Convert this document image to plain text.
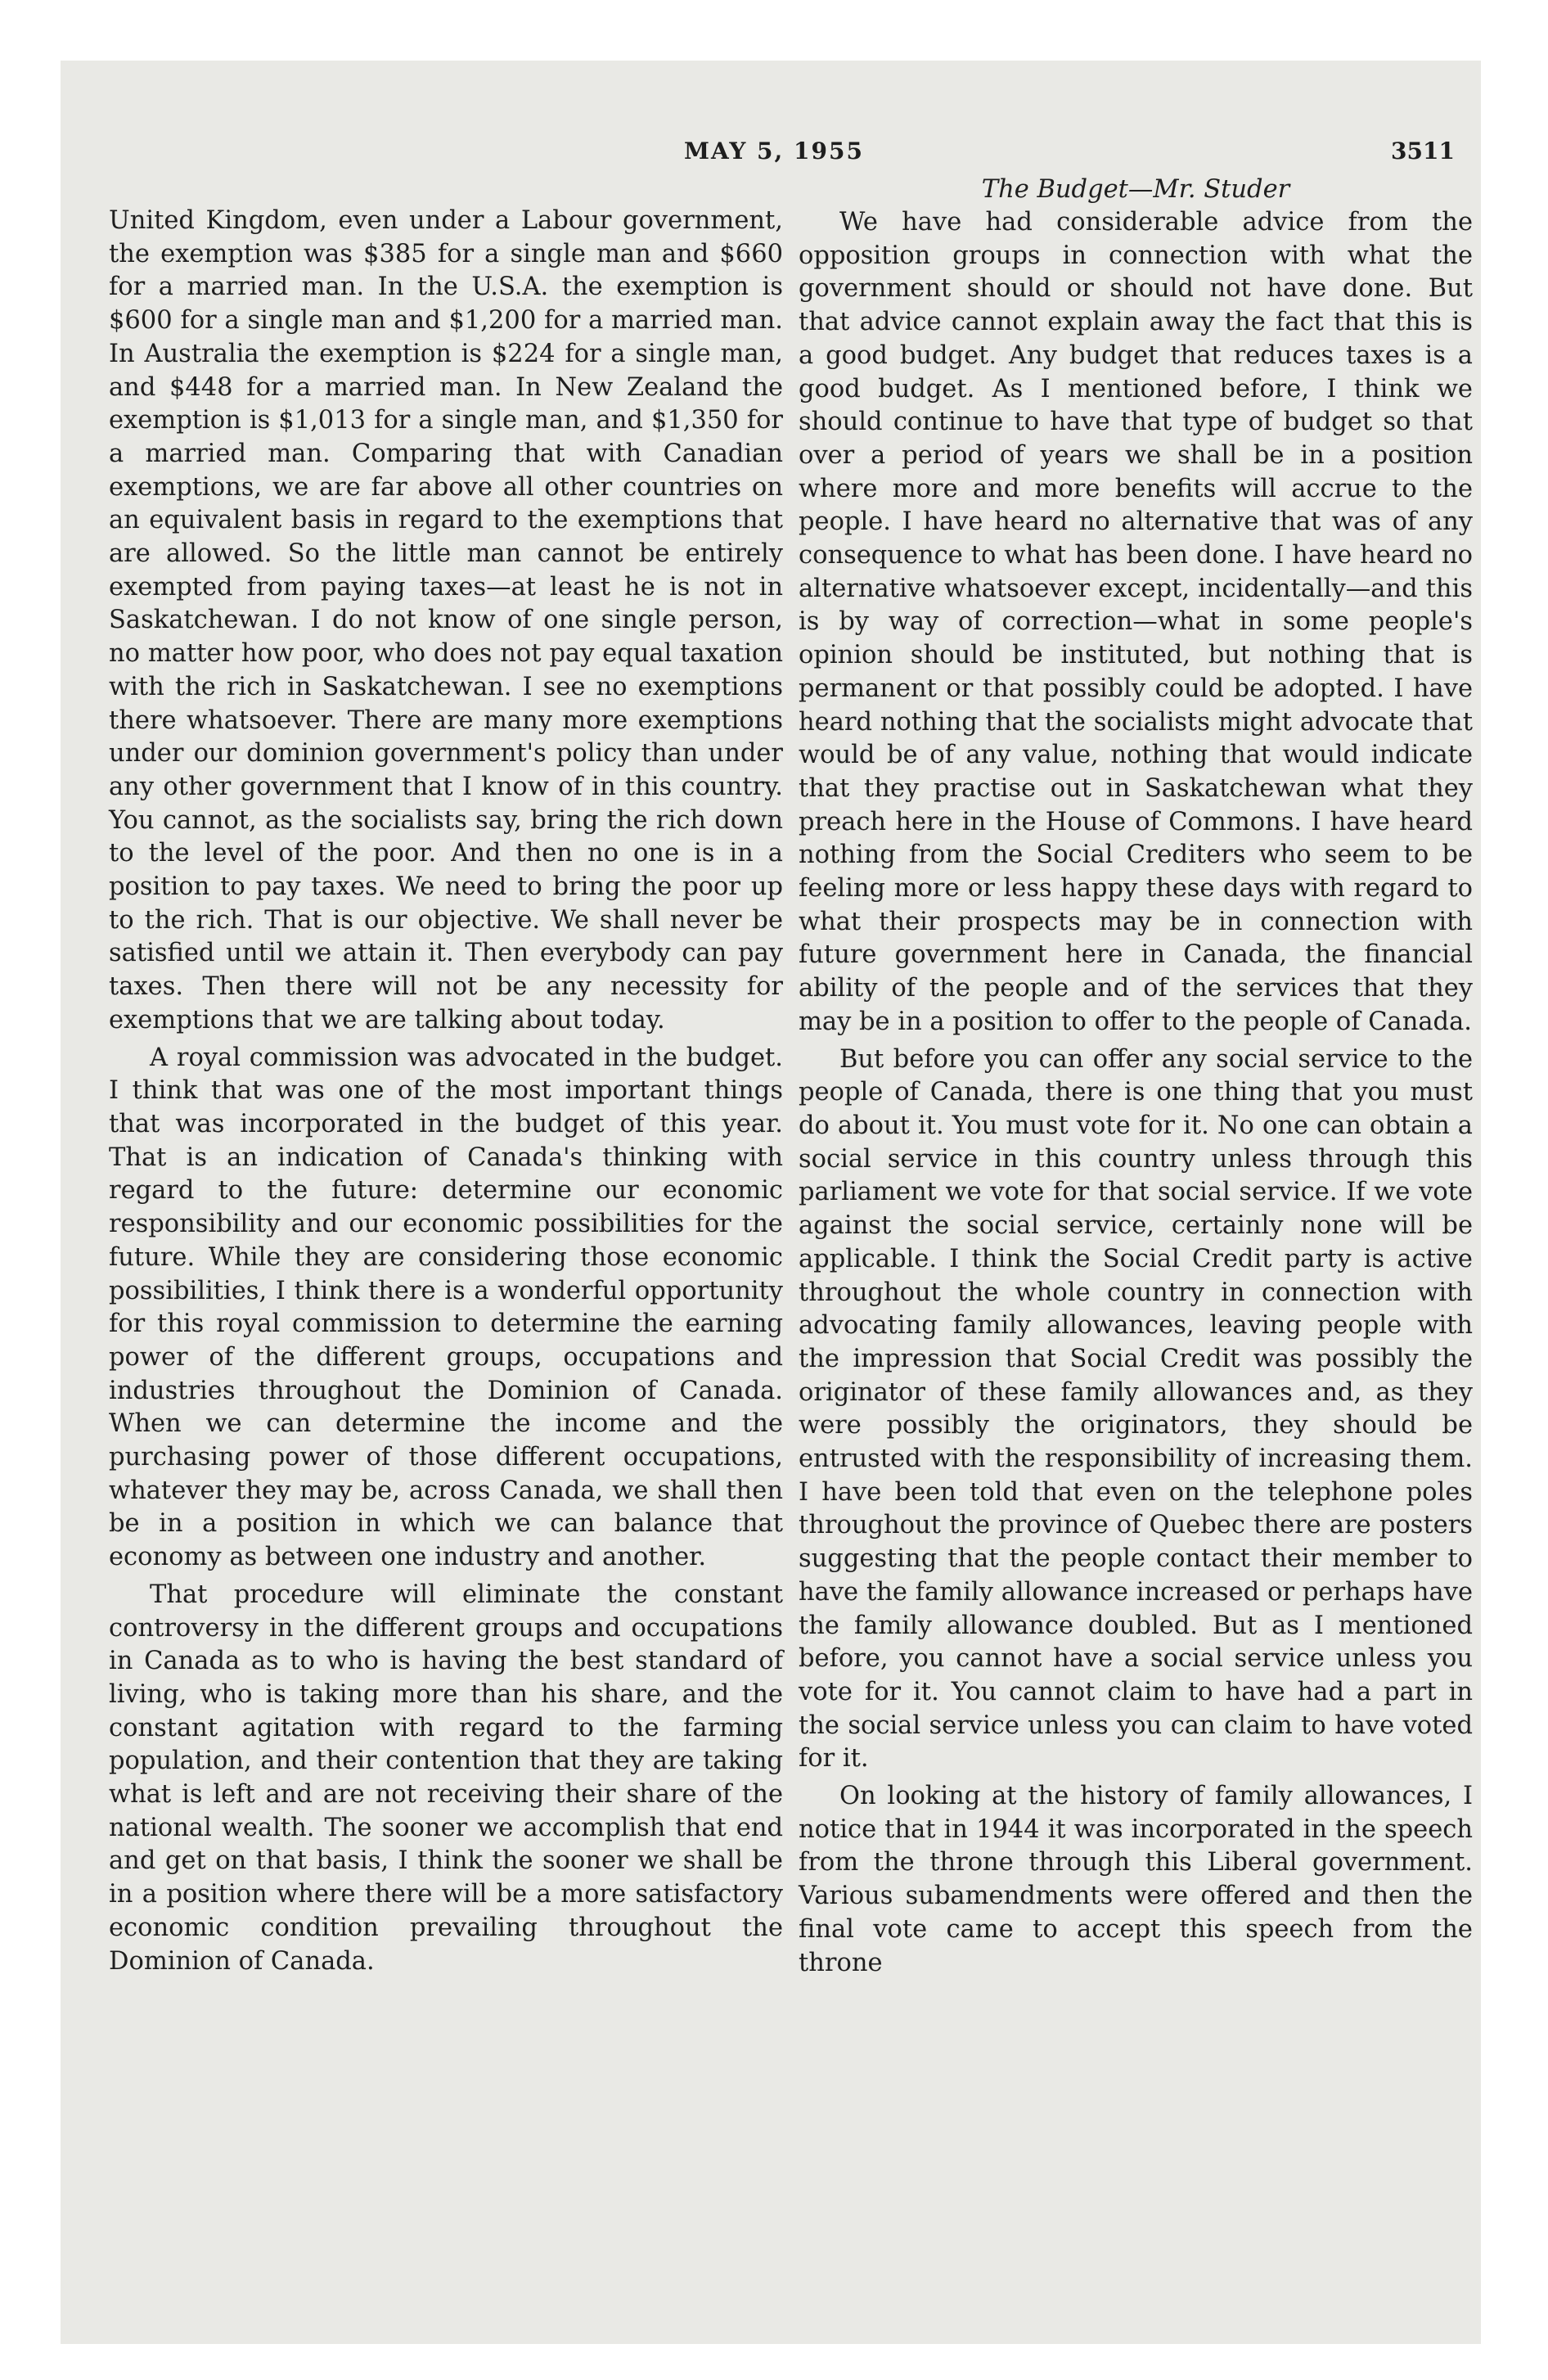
MAY 5, 1955	3511

United Kingdom, even under a Labour government, the exemption was $385 for a single man and $660 for a married man. In the U.S.A. the exemption is $600 for a single man and $1,200 for a married man. In Australia the exemption is $224 for a single man, and $448 for a married man. In New Zealand the exemption is $1,013 for a single man, and $1,350 for a married man. Comparing that with Canadian exemptions, we are far above all other countries on an equivalent basis in regard to the exemptions that are allowed. So the little man cannot be entirely exempted from paying taxes—at least he is not in Saskatchewan. I do not know of one single person, no matter how poor, who does not pay equal taxation with the rich in Saskatchewan. I see no exemptions there whatsoever. There are many more exemptions under our dominion government's policy than under any other government that I know of in this country. You cannot, as the socialists say, bring the rich down to the level of the poor. And then no one is in a position to pay taxes. We need to bring the poor up to the rich. That is our objective. We shall never be satisfied until we attain it. Then everybody can pay taxes. Then there will not be any necessity for exemptions that we are talking about today.

A royal commission was advocated in the budget. I think that was one of the most important things that was incorporated in the budget of this year. That is an indication of Canada's thinking with regard to the future: determine our economic responsibility and our economic possibilities for the future. While they are considering those economic possibilities, I think there is a wonderful opportunity for this royal commission to determine the earning power of the different groups, occupations and industries throughout the Dominion of Canada. When we can determine the income and the purchasing power of those different occupations, whatever they may be, across Canada, we shall then be in a position in which we can balance that economy as between one industry and another.

That procedure will eliminate the constant controversy in the different groups and occupations in Canada as to who is having the best standard of living, who is taking more than his share, and the constant agitation with regard to the farming population, and their contention that they are taking what is left and are not receiving their share of the national wealth. The sooner we accomplish that end and get on that basis, I think the sooner we shall be in a position where there will be a more satisfactory economic condition prevailing throughout the Dominion of Canada.

The Budget—Mr. Studer

We have had considerable advice from the opposition groups in connection with what the government should or should not have done. But that advice cannot explain away the fact that this is a good budget. Any budget that reduces taxes is a good budget. As I mentioned before, I think we should continue to have that type of budget so that over a period of years we shall be in a position where more and more benefits will accrue to the people. I have heard no alternative that was of any consequence to what has been done. I have heard no alternative whatsoever except, incidentally—and this is by way of correction—what in some people's opinion should be instituted, but nothing that is permanent or that possibly could be adopted. I have heard nothing that the socialists might advocate that would be of any value, nothing that would indicate that they practise out in Saskatchewan what they preach here in the House of Commons. I have heard nothing from the Social Crediters who seem to be feeling more or less happy these days with regard to what their prospects may be in connection with future government here in Canada, the financial ability of the people and of the services that they may be in a position to offer to the people of Canada.

But before you can offer any social service to the people of Canada, there is one thing that you must do about it. You must vote for it. No one can obtain a social service in this country unless through this parliament we vote for that social service. If we vote against the social service, certainly none will be applicable. I think the Social Credit party is active throughout the whole country in connection with advocating family allowances, leaving people with the impression that Social Credit was possibly the originator of these family allowances and, as they were possibly the originators, they should be entrusted with the responsibility of increasing them. I have been told that even on the telephone poles throughout the province of Quebec there are posters suggesting that the people contact their member to have the family allowance increased or perhaps have the family allowance doubled. But as I mentioned before, you cannot have a social service unless you vote for it. You cannot claim to have had a part in the social service unless you can claim to have voted for it.

On looking at the history of family allowances, I notice that in 1944 it was incorporated in the speech from the throne through this Liberal government. Various subamendments were offered and then the final vote came to accept this speech from the throne
